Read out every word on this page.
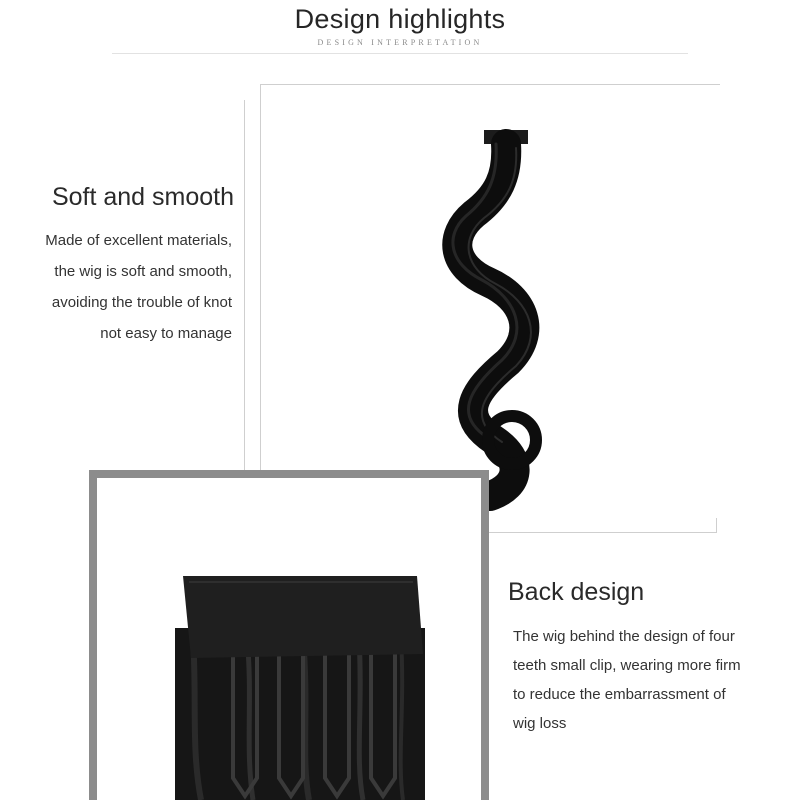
Design highlights
DESIGN INTERPRETATION
Soft and smooth
Made of excellent materials,
the wig is soft and smooth,
avoiding the trouble of knot
not easy to manage
Back design
The wig behind the design of four
teeth small clip, wearing more firm
to reduce the embarrassment of
wig loss
